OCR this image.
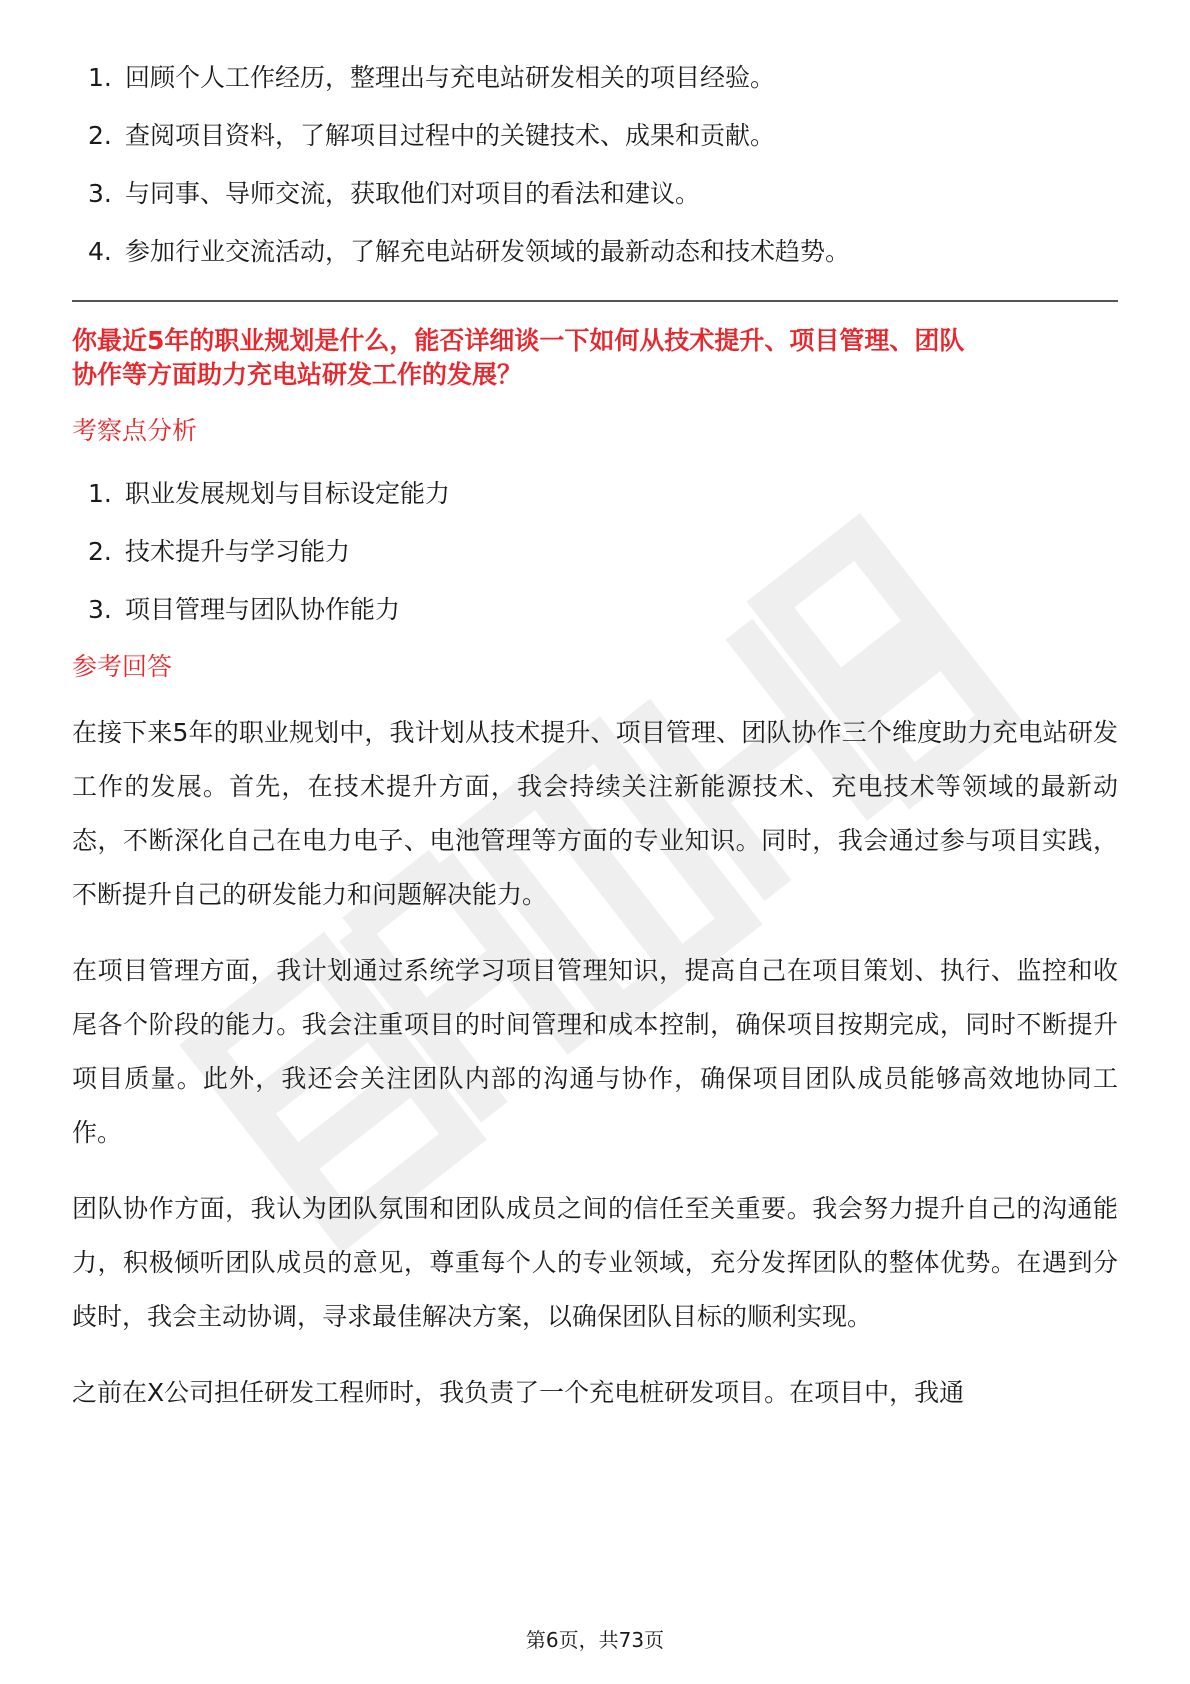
1. 回顾个人工作经历，整理出与充电站研发相关的项目经验。
2. 查阅项目资料，了解项目过程中的关键技术、成果和贡献。
3. 与同事、导师交流，获取他们对项目的看法和建议。
4. 参加行业交流活动，了解充电站研发领域的最新动态和技术趋势。
你最近5年的职业规划是什么，能否详细谈一下如何从技术提升、项目管理、团队
协作等方面助力充电站研发工作的发展？
考察点分析
1. 职业发展规划与目标设定能力
2. 技术提升与学习能力
3. 项目管理与团队协作能力
参考回答

在接下来5年的职业规划中，我计划从技术提升、项目管理、团队协作三个维度助力充电站研发工作的发展。首先，在技术提升方面，我会持续关注新能源技术、充电技术等领域的最新动态，不断深化自己在电力电子、电池管理等方面的专业知识。同时，我会通过参与项目实践，不断提升自己的研发能力和问题解决能力。

在项目管理方面，我计划通过系统学习项目管理知识，提高自己在项目策划、执行、监控和收尾各个阶段的能力。我会注重项目的时间管理和成本控制，确保项目按期完成，同时不断提升项目质量。此外，我还会关注团队内部的沟通与协作，确保项目团队成员能够高效地协同工作。

团队协作方面，我认为团队氛围和团队成员之间的信任至关重要。我会努力提升自己的沟通能力，积极倾听团队成员的意见，尊重每个人的专业领域，充分发挥团队的整体优势。在遇到分歧时，我会主动协调，寻求最佳解决方案，以确保团队目标的顺利实现。

之前在X公司担任研发工程师时，我负责了一个充电桩研发项目。在项目中，我通

第6页，共73页
